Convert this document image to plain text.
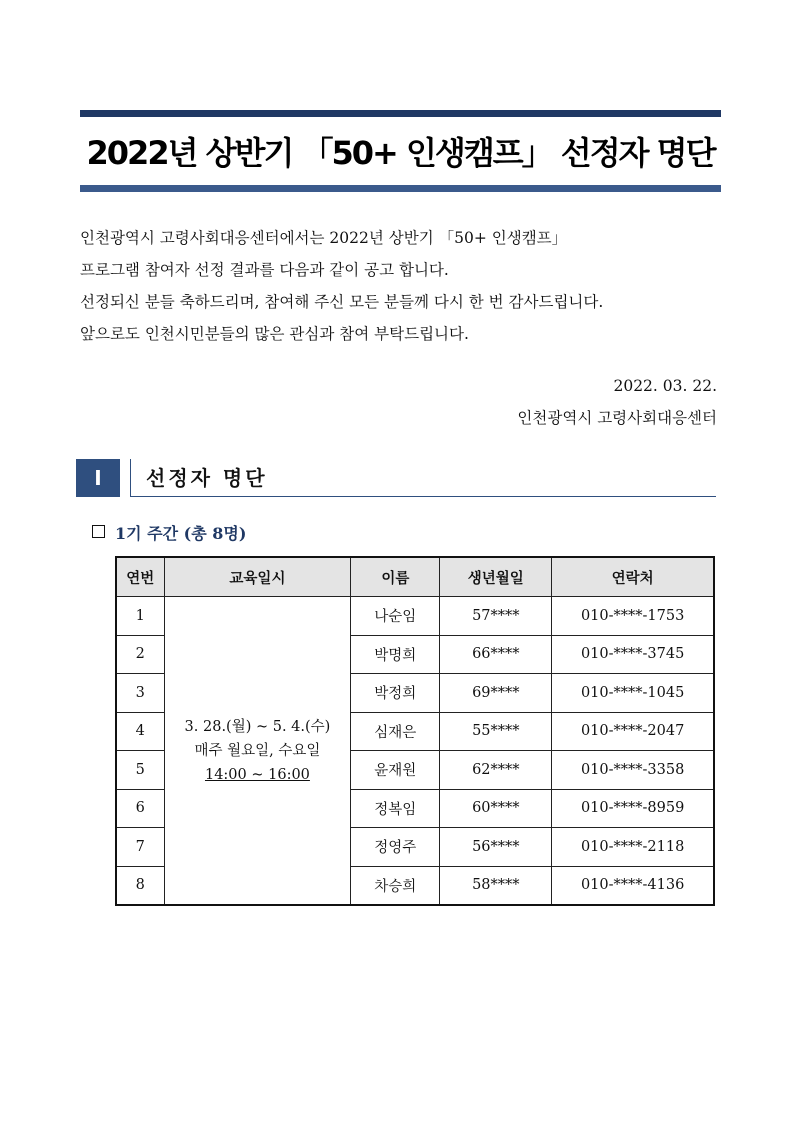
2022년 상반기 「50+ 인생캠프」 선정자 명단

인천광역시 고령사회대응센터에서는 2022년 상반기 「50+ 인생캠프」

프로그램 참여자 선정 결과를 다음과 같이 공고 합니다.

선정되신 분들 축하드리며, 참여해 주신 모든 분들께 다시 한 번 감사드립니다.

앞으로도 인천시민분들의 많은 관심과 참여 부탁드립니다.

2022. 03. 22.
인천광역시 고령사회대응센터
Ⅰ	선정자 명단
1기 주간 (총 8명)
연번	교육일시	이름	생년월일	연락처
1	3. 28.(월) ~ 5. 4.(수)
매주 월요일, 수요일
14:00 ~ 16:00	나순임	57****	010-****-1753
2		박명희	66****	010-****-3745
3		박정희	69****	010-****-1045
4		심재은	55****	010-****-2047
5		윤재원	62****	010-****-3358
6		정복임	60****	010-****-8959
7		정영주	56****	010-****-2118
8		차승희	58****	010-****-4136
